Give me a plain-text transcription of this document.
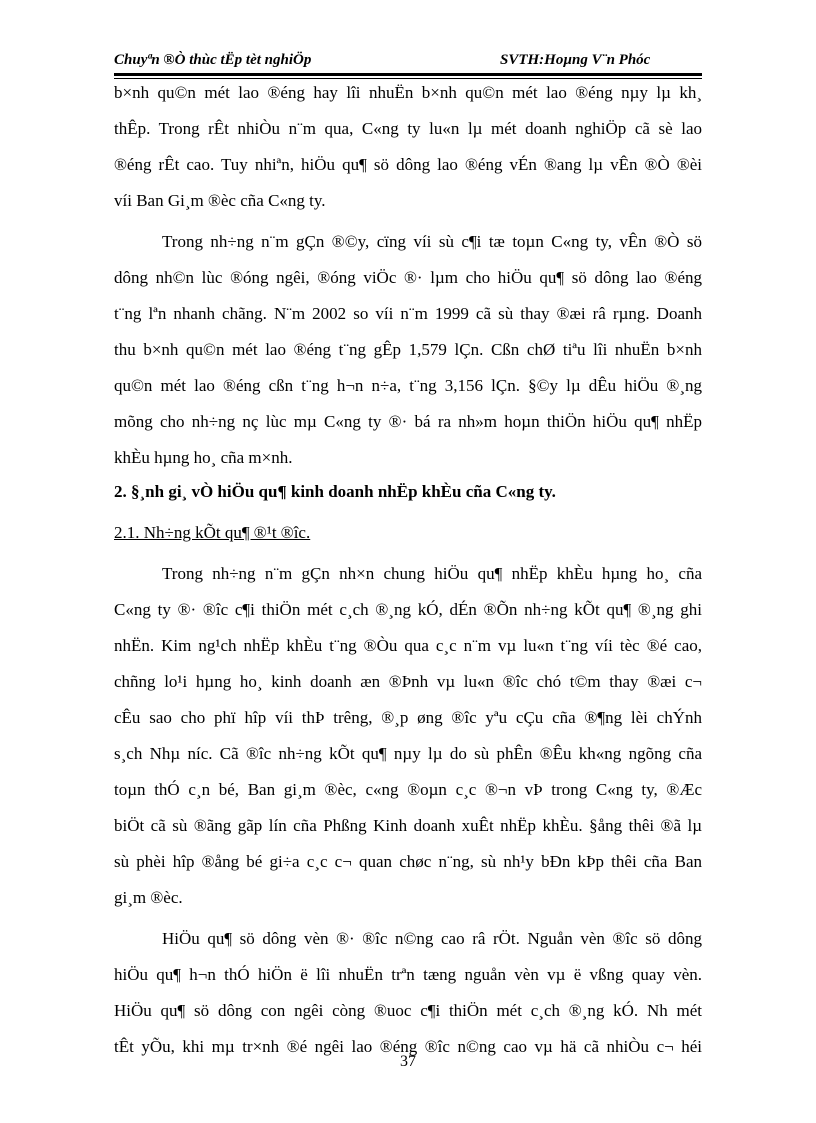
Chuyªn ®Ò thùc tËp tèt nghiÖp	SVTH:Hoµng V¨n Phóc
b×nh qu©n mét lao ®éng hay lîi nhuËn b×nh qu©n mét lao ®éng nµy lµ kh¸
thÊp. Trong rÊt nhiÒu n¨m qua, C«ng ty lu«n lµ mét doanh nghiÖp cã sè lao
®éng rÊt cao. Tuy nhiªn, hiÖu qu¶ sö dông lao ®éng vÉn ®ang lµ vÊn ®Ò ®èi
víi Ban Gi¸m ®èc cña C«ng ty.
Trong nh÷ng n¨m gÇn ®©y, cïng víi sù c¶i tæ toµn C«ng ty, vÊn ®Ò sö
dông nh©n lùc ®óng ngêi, ®óng viÖc ®· lµm cho hiÖu qu¶ sö dông lao ®éng
t¨ng lªn nhanh chãng. N¨m 2002 so víi n¨m 1999 cã sù thay ®æi râ rµng. Doanh
thu b×nh qu©n mét lao ®éng t¨ng gÊp 1,579 lÇn. Cßn chØ tiªu lîi nhuËn b×nh
qu©n mét lao ®éng cßn t¨ng h¬n n÷a, t¨ng 3,156 lÇn. §©y lµ dÊu hiÖu ®¸ng
mõng cho nh÷ng nç lùc mµ C«ng ty ®· bá ra nh»m hoµn thiÖn hiÖu qu¶ nhËp
khÈu hµng ho¸ cña m×nh.
2. §¸nh gi¸ vÒ hiÖu qu¶ kinh doanh nhËp khÈu cña C«ng ty.
2.1. Nh÷ng kÕt qu¶ ®¹t ®îc.
Trong nh÷ng n¨m gÇn nh×n chung hiÖu qu¶ nhËp khÈu hµng ho¸ cña
C«ng ty ®· ®îc c¶i thiÖn mét c¸ch ®¸ng kÓ, dÉn ®Õn nh÷ng kÕt qu¶ ®¸ng ghi
nhËn. Kim ng¹ch nhËp khÈu t¨ng ®Òu qua c¸c n¨m vµ lu«n t¨ng víi tèc ®é cao,
chñng lo¹i hµng ho¸ kinh doanh æn ®Þnh vµ lu«n ®îc chó t©m thay ®æi c¬
cÊu sao cho phï hîp víi thÞ trêng, ®¸p øng ®îc yªu cÇu cña ®¶ng lèi chÝnh
s¸ch Nhµ níc. Cã ®îc nh÷ng kÕt qu¶ nµy lµ do sù phÊn ®Êu kh«ng ngõng cña
toµn thÓ c¸n bé, Ban gi¸m ®èc, c«ng ®oµn c¸c ®¬n vÞ trong C«ng ty, ®Æc
biÖt cã sù ®ãng gãp lín cña Phßng Kinh doanh xuÊt nhËp khÈu. §ång thêi ®ã lµ
sù phèi hîp ®ång bé gi÷a c¸c c¬ quan chøc n¨ng, sù nh¹y bÐn kÞp thêi cña Ban
gi¸m ®èc.
HiÖu qu¶ sö dông vèn ®· ®îc n©ng cao râ rÖt. Nguån vèn ®îc sö dông
hiÖu qu¶ h¬n thÓ hiÖn ë lîi nhuËn trªn tæng nguån vèn vµ ë vßng quay vèn.
HiÖu qu¶ sö dông con ngêi còng ®uoc c¶i thiÖn mét c¸ch ®¸ng kÓ. Nh mét
tÊt yÕu, khi mµ tr×nh ®é ngêi lao ®éng ®îc n©ng cao vµ hä cã nhiÒu c¬ héi
37
